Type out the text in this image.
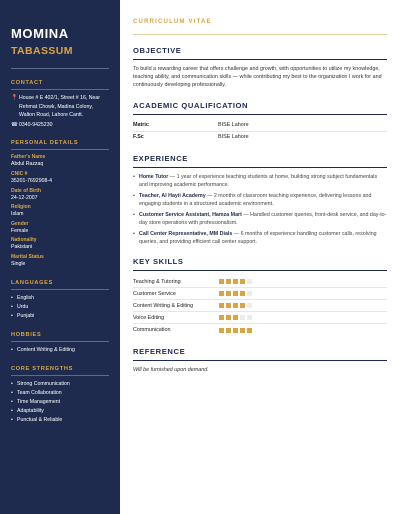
MOMINA
TABASSUM
CONTACT
📍 House # E 402/1, Street # 16, Near Rehmat Chowk, Madina Colony, Walton Road, Lahore Cantt.
☎ 0340-9425230
PERSONAL DETAILS
Father's Name
Abdul Razzaq
CNIC #
35201-7692908-4
Date of Birth
24-12-2007
Religion
Islam
Gender
Female
Nationality
Pakistani
Marital Status
Single
LANGUAGES
• English
• Urdu
• Punjabi
HOBBIES
• Content Writing & Editing
CORE STRENGTHS
• Strong Communication
• Team Collaboration
• Time Management
• Adaptability
• Punctual & Reliable
CURRICULUM VITAE
OBJECTIVE

To build a rewarding career that offers challenge and growth, with opportunities to utilize my knowledge, teaching ability, and communication skills — while contributing my best to the organization I work for and continuously developing professionally.

ACADEMIC QUALIFICATION
Matric	BISE Lahore
F.Sc	BISE Lahore
EXPERIENCE
• Home Tutor — 1 year of experience teaching students at home, building strong subject fundamentals and improving academic performance.
• Teacher, Al Hayii Academy — 2 months of classroom teaching experience, delivering lessons and engaging students in a structured academic environment.
• Customer Service Assistant, Hamza Mart — Handled customer queries, front-desk service, and day-to-day store operations with professionalism.
• Call Center Representative, MM Dials — 6 months of experience handling customer calls, resolving queries, and providing efficient call center support.
KEY SKILLS
Teaching & Tutoring
Customer Service
Content Writing & Editing
Voice Editing
Communication
REFERENCE

Will be furnished upon demand.
